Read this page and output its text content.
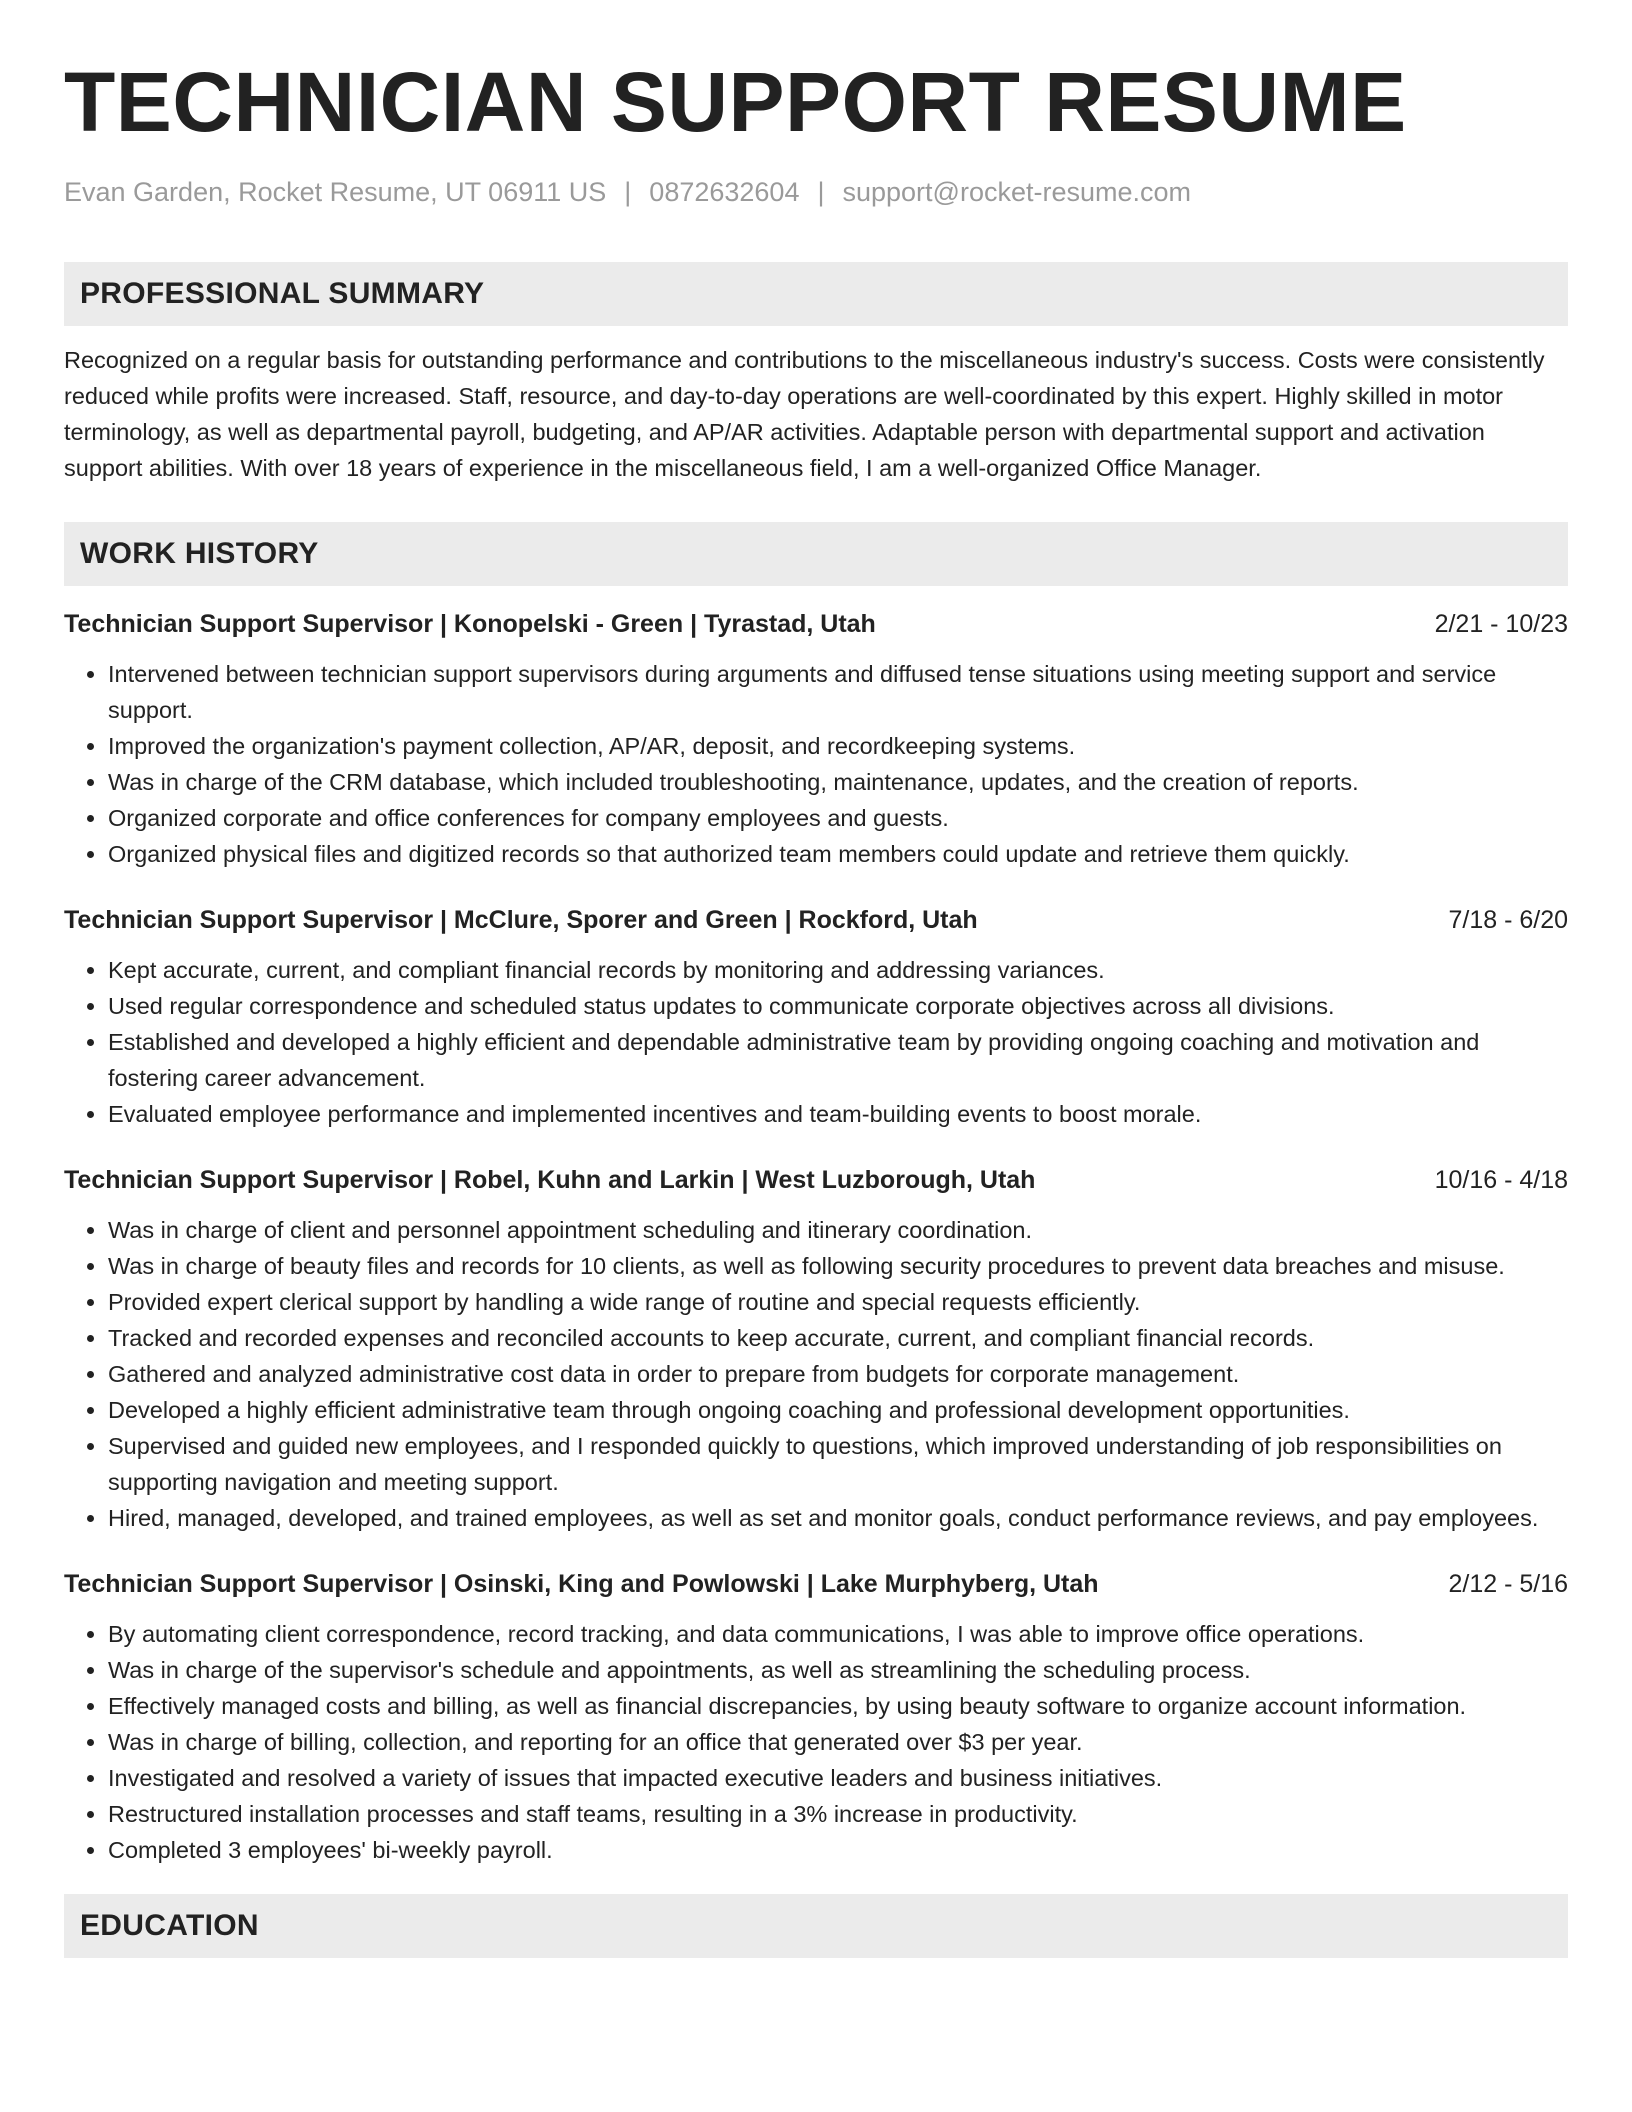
TECHNICIAN SUPPORT RESUME
Evan Garden, Rocket Resume, UT 06911 US | 0872632604 | support@rocket-resume.com
PROFESSIONAL SUMMARY
Recognized on a regular basis for outstanding performance and contributions to the miscellaneous industry's success. Costs were consistently reduced while profits were increased. Staff, resource, and day-to-day operations are well-coordinated by this expert. Highly skilled in motor terminology, as well as departmental payroll, budgeting, and AP/AR activities. Adaptable person with departmental support and activation support abilities. With over 18 years of experience in the miscellaneous field, I am a well-organized Office Manager.
WORK HISTORY
Technician Support Supervisor | Konopelski - Green | Tyrastad, Utah	2/21 - 10/23
• Intervened between technician support supervisors during arguments and diffused tense situations using meeting support and service support.
• Improved the organization's payment collection, AP/AR, deposit, and recordkeeping systems.
• Was in charge of the CRM database, which included troubleshooting, maintenance, updates, and the creation of reports.
• Organized corporate and office conferences for company employees and guests.
• Organized physical files and digitized records so that authorized team members could update and retrieve them quickly.
Technician Support Supervisor | McClure, Sporer and Green | Rockford, Utah	7/18 - 6/20
• Kept accurate, current, and compliant financial records by monitoring and addressing variances.
• Used regular correspondence and scheduled status updates to communicate corporate objectives across all divisions.
• Established and developed a highly efficient and dependable administrative team by providing ongoing coaching and motivation and fostering career advancement.
• Evaluated employee performance and implemented incentives and team-building events to boost morale.
Technician Support Supervisor | Robel, Kuhn and Larkin | West Luzborough, Utah	10/16 - 4/18
• Was in charge of client and personnel appointment scheduling and itinerary coordination.
• Was in charge of beauty files and records for 10 clients, as well as following security procedures to prevent data breaches and misuse.
• Provided expert clerical support by handling a wide range of routine and special requests efficiently.
• Tracked and recorded expenses and reconciled accounts to keep accurate, current, and compliant financial records.
• Gathered and analyzed administrative cost data in order to prepare from budgets for corporate management.
• Developed a highly efficient administrative team through ongoing coaching and professional development opportunities.
• Supervised and guided new employees, and I responded quickly to questions, which improved understanding of job responsibilities on supporting navigation and meeting support.
• Hired, managed, developed, and trained employees, as well as set and monitor goals, conduct performance reviews, and pay employees.
Technician Support Supervisor | Osinski, King and Powlowski | Lake Murphyberg, Utah	2/12 - 5/16
• By automating client correspondence, record tracking, and data communications, I was able to improve office operations.
• Was in charge of the supervisor's schedule and appointments, as well as streamlining the scheduling process.
• Effectively managed costs and billing, as well as financial discrepancies, by using beauty software to organize account information.
• Was in charge of billing, collection, and reporting for an office that generated over $3 per year.
• Investigated and resolved a variety of issues that impacted executive leaders and business initiatives.
• Restructured installation processes and staff teams, resulting in a 3% increase in productivity.
• Completed 3 employees' bi-weekly payroll.
EDUCATION
